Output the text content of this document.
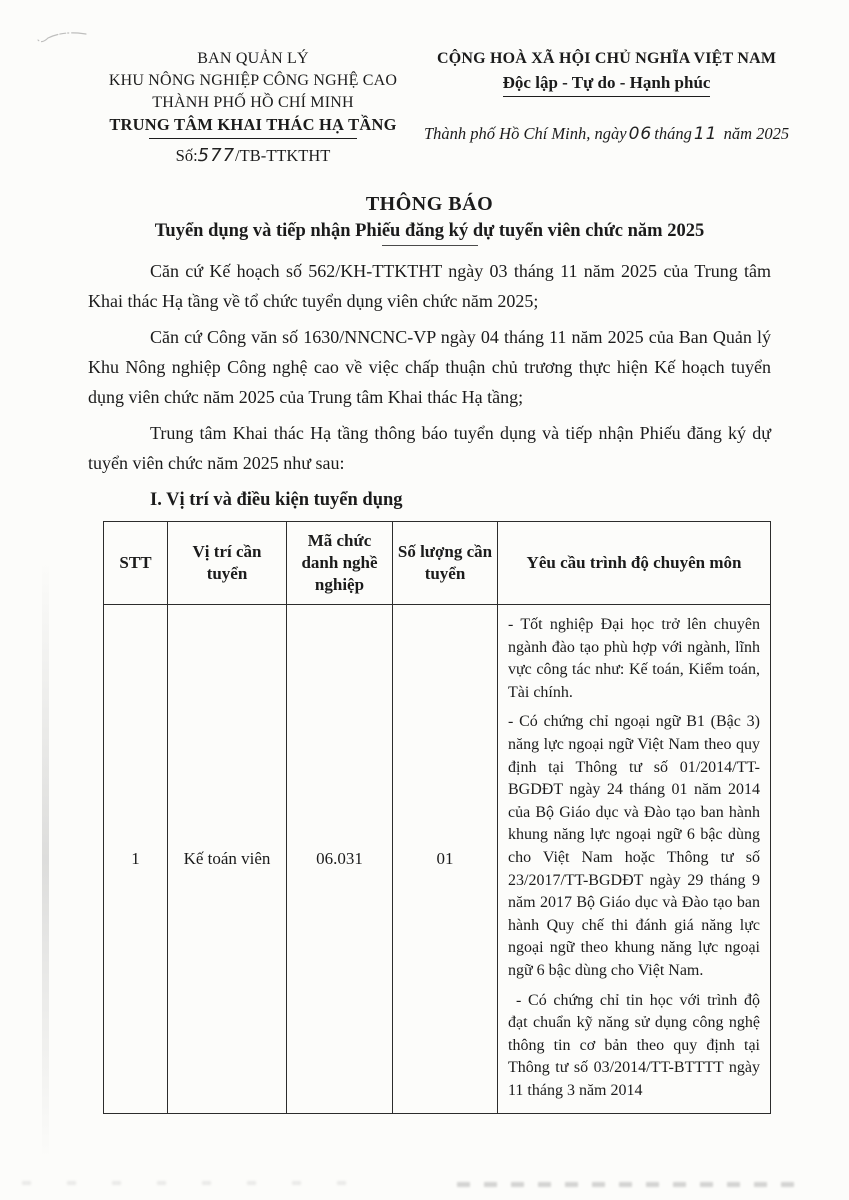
BAN QUẢN LÝ
KHU NÔNG NGHIỆP CÔNG NGHỆ CAO
THÀNH PHỐ HỒ CHÍ MINH
TRUNG TÂM KHAI THÁC HẠ TẦNG
Số:577/TB-TTKTHT
CỘNG HOÀ XÃ HỘI CHỦ NGHĨA VIỆT NAM
Độc lập - Tự do - Hạnh phúc
Thành phố Hồ Chí Minh, ngày 06 tháng 11 năm 2025
THÔNG BÁO
Tuyển dụng và tiếp nhận Phiếu đăng ký dự tuyển viên chức năm 2025

Căn cứ Kế hoạch số 562/KH-TTKTHT ngày 03 tháng 11 năm 2025 của Trung tâm Khai thác Hạ tầng về tổ chức tuyển dụng viên chức năm 2025;

Căn cứ Công văn số 1630/NNCNC-VP ngày 04 tháng 11 năm 2025 của Ban Quản lý Khu Nông nghiệp Công nghệ cao về việc chấp thuận chủ trương thực hiện Kế hoạch tuyển dụng viên chức năm 2025 của Trung tâm Khai thác Hạ tầng;

Trung tâm Khai thác Hạ tầng thông báo tuyển dụng và tiếp nhận Phiếu đăng ký dự tuyển viên chức năm 2025 như sau:

I. Vị trí và điều kiện tuyển dụng
STT	Vị trí cần tuyển	Mã chức danh nghề nghiệp	Số lượng cần tuyển	Yêu cầu trình độ chuyên môn
1	Kế toán viên	06.031	01	- Tốt nghiệp Đại học trở lên chuyên ngành đào tạo phù hợp với ngành, lĩnh vực công tác như: Kế toán, Kiểm toán, Tài chính.

- Có chứng chỉ ngoại ngữ B1 (Bậc 3) năng lực ngoại ngữ Việt Nam theo quy định tại Thông tư số 01/2014/TT-BGDĐT ngày 24 tháng 01 năm 2014 của Bộ Giáo dục và Đào tạo ban hành khung năng lực ngoại ngữ 6 bậc dùng cho Việt Nam hoặc Thông tư số 23/2017/TT-BGDĐT ngày 29 tháng 9 năm 2017 Bộ Giáo dục và Đào tạo ban hành Quy chế thi đánh giá năng lực ngoại ngữ theo khung năng lực ngoại ngữ 6 bậc dùng cho Việt Nam.

- Có chứng chỉ tin học với trình độ đạt chuẩn kỹ năng sử dụng công nghệ thông tin cơ bản theo quy định tại Thông tư số 03/2014/TT-BTTTT ngày 11 tháng 3 năm 2014
